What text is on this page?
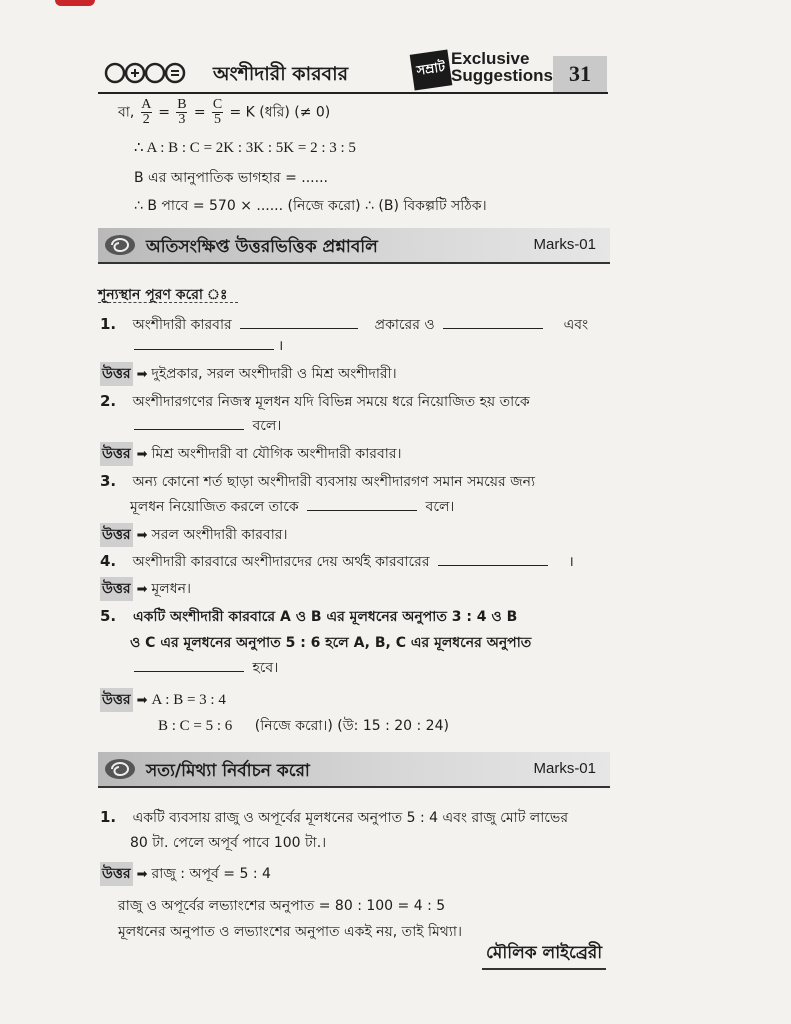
অংশীদারী কারবার	সম্রাট
Exclusive
Suggestions 31
বা, $\frac{A}{2} = \frac{B}{3} = \frac{C}{5} = K$ (ধরি) (≠ 0)
∴ A : B : C = 2K : 3K : 5K = 2 : 3 : 5
B এর আনুপাতিক ভাগহার = ......
∴ B পাবে = 570 × ...... (নিজে করো) ∴ (B) বিকল্পটি সঠিক।
অতিসংক্ষিপ্ত উত্তরভিত্তিক প্রশ্নাবলি	Marks-01
শূন্যস্থান পূরণ করো ঃ
1. অংশীদারী কারবার	প্রকারের ও	এবং
।
উত্তর ➡ দুইপ্রকার, সরল অংশীদারী ও মিশ্র অংশীদারী।
2. অংশীদারগণের নিজস্ব মূলধন যদি বিভিন্ন সময়ে ধরে নিয়োজিত হয় তাকে
বলে।
উত্তর ➡ মিশ্র অংশীদারী বা যৌগিক অংশীদারী কারবার।
3. অন্য কোনো শর্ত ছাড়া অংশীদারী ব্যবসায় অংশীদারগণ সমান সময়ের জন্য
মূলধন নিয়োজিত করলে তাকে	বলে।
উত্তর ➡ সরল অংশীদারী কারবার।
4. অংশীদারী কারবারে অংশীদারদের দেয় অর্থই কারবারের	।
উত্তর ➡ মূলধন।
5. একটি অংশীদারী কারবারে A ও B এর মূলধনের অনুপাত 3 : 4 ও B
ও C এর মূলধনের অনুপাত 5 : 6 হলে A, B, C এর মূলধনের অনুপাত
হবে।
উত্তর ➡ A : B = 3 : 4
B : C = 5 : 6 (নিজে করো।) (উ: 15 : 20 : 24)
সত্য/মিথ্যা নির্বাচন করো	Marks-01
1. একটি ব্যবসায় রাজু ও অপূর্বের মূলধনের অনুপাত 5 : 4 এবং রাজু মোট লাভের
80 টা. পেলে অপূর্ব পাবে 100 টা.।
উত্তর ➡ রাজু : অপূর্ব = 5 : 4
রাজু ও অপূর্বের লভ্যাংশের অনুপাত = 80 : 100 = 4 : 5
মূলধনের অনুপাত ও লভ্যাংশের অনুপাত একই নয়, তাই মিথ্যা।
মৌলিক লাইব্রেরী
